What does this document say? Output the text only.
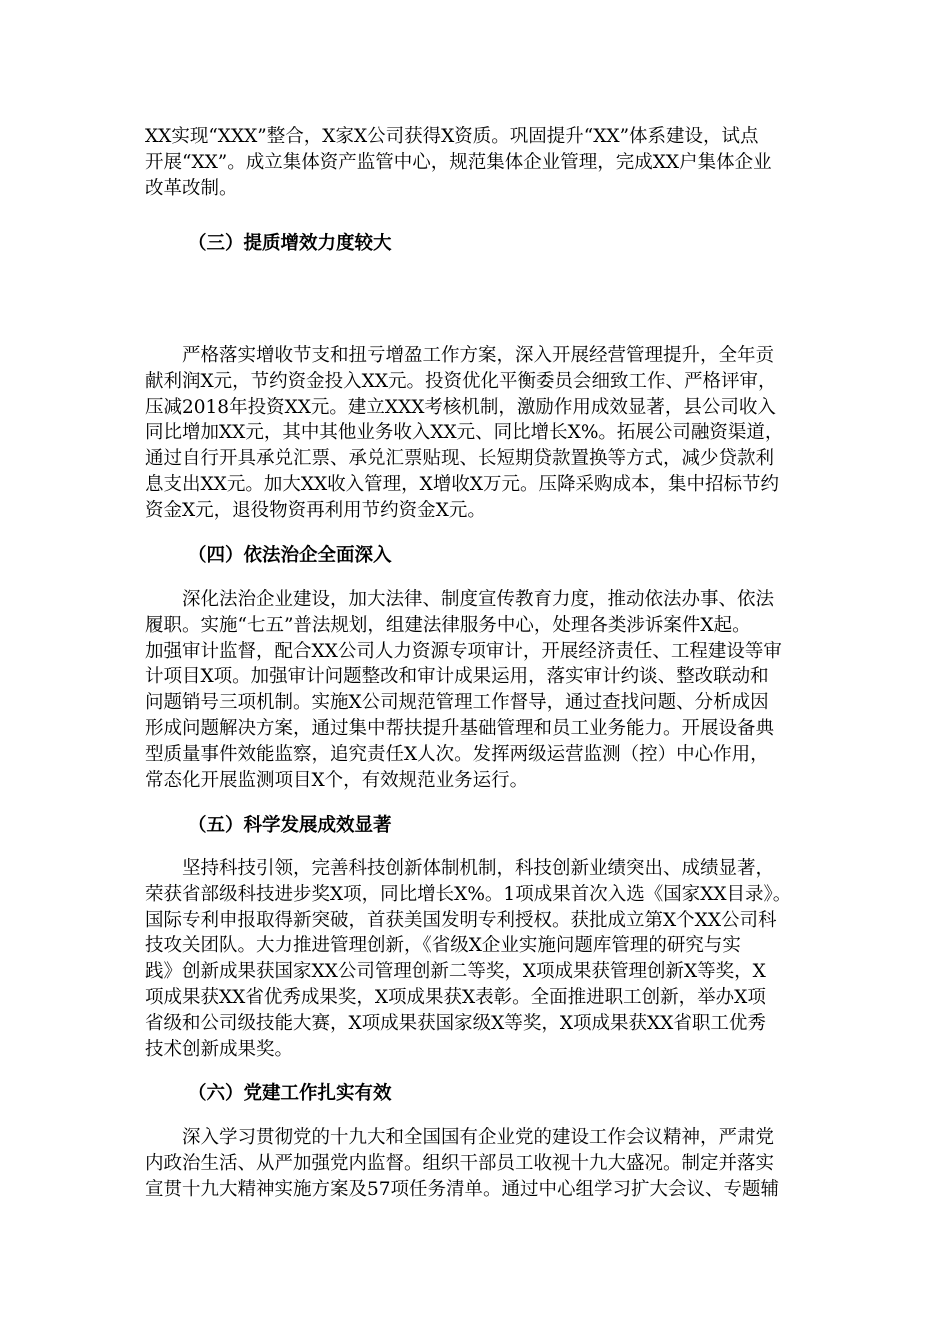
XX实现“XXX”整合，X家X公司获得X资质。巩固提升“XX”体系建设，试点
开展“XX”。成立集体资产监管中心，规范集体企业管理，完成XX户集体企业
改革改制。
（三）提质增效力度较大
严格落实增收节支和扭亏增盈工作方案，深入开展经营管理提升，全年贡
献利润X元，节约资金投入XX元。投资优化平衡委员会细致工作、严格评审，
压减2018年投资XX元。建立XXX考核机制，激励作用成效显著，县公司收入
同比增加XX元，其中其他业务收入XX元、同比增长X%。拓展公司融资渠道，
通过自行开具承兑汇票、承兑汇票贴现、长短期贷款置换等方式，减少贷款利
息支出XX元。加大XX收入管理，X增收X万元。压降采购成本，集中招标节约
资金X元，退役物资再利用节约资金X元。
（四）依法治企全面深入
深化法治企业建设，加大法律、制度宣传教育力度，推动依法办事、依法
履职。实施“七五”普法规划，组建法律服务中心，处理各类涉诉案件X起。
加强审计监督，配合XX公司人力资源专项审计，开展经济责任、工程建设等审
计项目X项。加强审计问题整改和审计成果运用，落实审计约谈、整改联动和
问题销号三项机制。实施X公司规范管理工作督导，通过查找问题、分析成因
形成问题解决方案，通过集中帮扶提升基础管理和员工业务能力。开展设备典
型质量事件效能监察，追究责任X人次。发挥两级运营监测（控）中心作用，
常态化开展监测项目X个，有效规范业务运行。
（五）科学发展成效显著
坚持科技引领，完善科技创新体制机制，科技创新业绩突出、成绩显著，
荣获省部级科技进步奖X项，同比增长X%。1项成果首次入选《国家XX目录》。
国际专利申报取得新突破，首获美国发明专利授权。获批成立第X个XX公司科
技攻关团队。大力推进管理创新，《省级X企业实施问题库管理的研究与实
践》创新成果获国家XX公司管理创新二等奖，X项成果获管理创新X等奖，X
项成果获XX省优秀成果奖，X项成果获X表彰。全面推进职工创新，举办X项
省级和公司级技能大赛，X项成果获国家级X等奖，X项成果获XX省职工优秀
技术创新成果奖。
（六）党建工作扎实有效
深入学习贯彻党的十九大和全国国有企业党的建设工作会议精神，严肃党
内政治生活、从严加强党内监督。组织干部员工收视十九大盛况。制定并落实
宣贯十九大精神实施方案及57项任务清单。通过中心组学习扩大会议、专题辅
